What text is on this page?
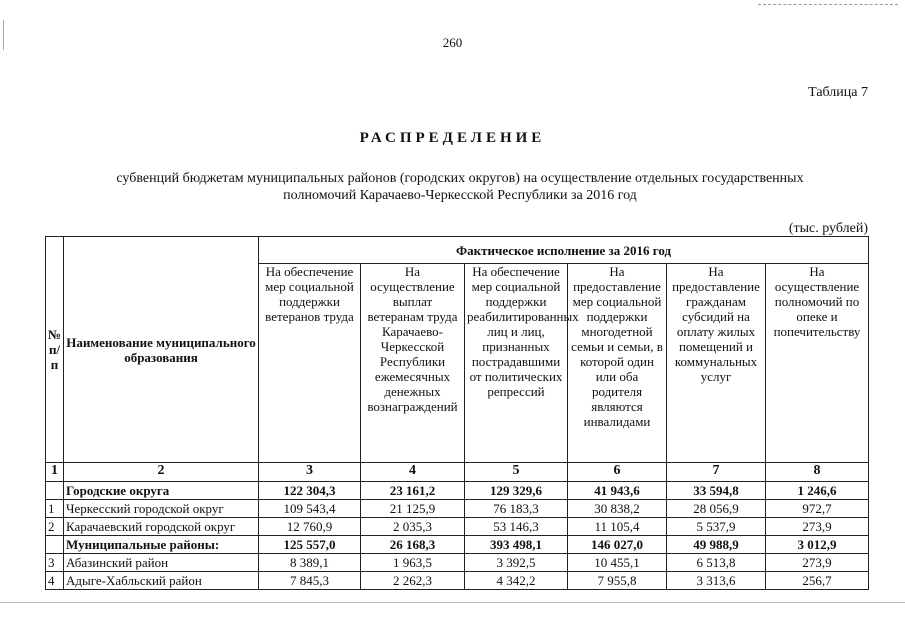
260
Таблица 7
РАСПРЕДЕЛЕНИЕ
субвенций бюджетам муниципальных районов (городских округов) на осуществление отдельных государственных
полномочий Карачаево-Черкесской Республики за 2016 год
(тыс. рублей)
№ п/ п	Наименование муниципального образования	Фактическое исполнение за 2016 год					
		На обеспечение мер социальной поддержки ветеранов труда	На осуществление выплат ветеранам труда Карачаево-Черкесской Республики ежемесячных денежных вознаграждений	На обеспечение мер социальной поддержки реабилитированных лиц и лиц, признанных пострадавшими от политических репрессий	На предоставление мер социальной поддержки многодетной семьи и семьи, в которой один или оба родителя являются инвалидами	На предоставление гражданам субсидий на оплату жилых помещений и коммунальных услуг	На осуществление полномочий по опеке и попечительству
1	2	3	4	5	6	7	8
	Городские округа	122 304,3	23 161,2	129 329,6	41 943,6	33 594,8	1 246,6
1	Черкесский городской округ	109 543,4	21 125,9	76 183,3	30 838,2	28 056,9	972,7
2	Карачаевский городской округ	12 760,9	2 035,3	53 146,3	11 105,4	5 537,9	273,9
	Муниципальные районы:	125 557,0	26 168,3	393 498,1	146 027,0	49 988,9	3 012,9
3	Абазинский район	8 389,1	1 963,5	3 392,5	10 455,1	6 513,8	273,9
4	Адыге-Хабльский район	7 845,3	2 262,3	4 342,2	7 955,8	3 313,6	256,7
